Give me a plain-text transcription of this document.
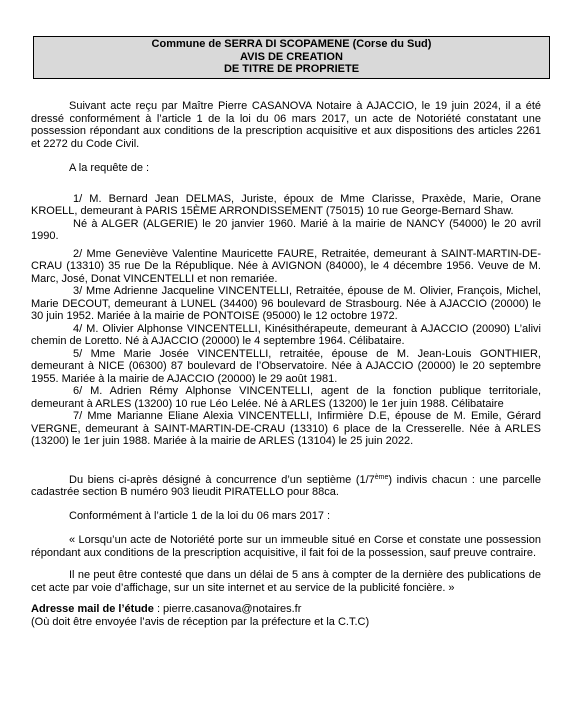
Commune de SERRA DI SCOPAMENE (Corse du Sud)
AVIS DE CREATION
DE TITRE DE PROPRIETE

Suivant acte reçu par Maître Pierre CASANOVA Notaire à AJACCIO, le 19 juin 2024, il a été dressé conformément à l’article 1 de la loi du 06 mars 2017, un acte de Notoriété constatant une possession répondant aux conditions de la prescription acquisitive et aux dispositions des articles 2261 et 2272 du Code Civil.

A la requête de :

1/ M. Bernard Jean DELMAS, Juriste, époux de Mme Clarisse, Praxède, Marie, Orane KROELL, demeurant à PARIS 15ÈME ARRONDISSEMENT (75015) 10 rue George-Bernard Shaw.

Né à ALGER (ALGERIE) le 20 janvier 1960. Marié à la mairie de NANCY (54000) le 20 avril 1990.

2/ Mme Geneviève Valentine Mauricette FAURE, Retraitée, demeurant à SAINT-MARTIN-DE-CRAU (13310) 35 rue De la République. Née à AVIGNON (84000), le 4 décembre 1956. Veuve de M. Marc, José, Donat VINCENTELLI et non remariée.

3/ Mme Adrienne Jacqueline VINCENTELLI, Retraitée, épouse de M. Olivier, François, Michel, Marie DECOUT, demeurant à LUNEL (34400) 96 boulevard de Strasbourg. Née à AJACCIO (20000) le 30 juin 1952. Mariée à la mairie de PONTOISE (95000) le 12 octobre 1972.

4/ M. Olivier Alphonse VINCENTELLI, Kinésithérapeute, demeurant à AJACCIO (20090) L’alivi chemin de Loretto. Né à AJACCIO (20000) le 4 septembre 1964. Célibataire.

5/ Mme Marie Josée VINCENTELLI, retraitée, épouse de M. Jean-Louis GONTHIER, demeurant à NICE (06300) 87 boulevard de l’Observatoire. Née à AJACCIO (20000) le 20 septembre 1955. Mariée à la mairie de AJACCIO (20000) le 29 août 1981.

6/ M. Adrien Rémy Alphonse VINCENTELLI, agent de la fonction publique territoriale, demeurant à ARLES (13200) 10 rue Léo Lelée. Né à ARLES (13200) le 1er juin 1988. Célibataire

7/ Mme Marianne Eliane Alexia VINCENTELLI, Infirmière D.E, épouse de M. Emile, Gérard VERGNE, demeurant à SAINT-MARTIN-DE-CRAU (13310) 6 place de la Cresserelle. Née à ARLES (13200) le 1er juin 1988. Mariée à la mairie de ARLES (13104) le 25 juin 2022.

Du biens ci-après désigné à concurrence d’un septième (1/7ème) indivis chacun : une parcelle cadastrée section B numéro 903 lieudit PIRATELLO pour 88ca.

Conformément à l’article 1 de la loi du 06 mars 2017 :

« Lorsqu’un acte de Notoriété porte sur un immeuble situé en Corse et constate une possession répondant aux conditions de la prescription acquisitive, il fait foi de la possession, sauf preuve contraire.

Il ne peut être contesté que dans un délai de 5 ans à compter de la dernière des publications de cet acte par voie d’affichage, sur un site internet et au service de la publicité foncière. »

Adresse mail de l’étude : pierre.casanova@notaires.fr
(Où doit être envoyée l’avis de réception par la préfecture et la C.T.C)
